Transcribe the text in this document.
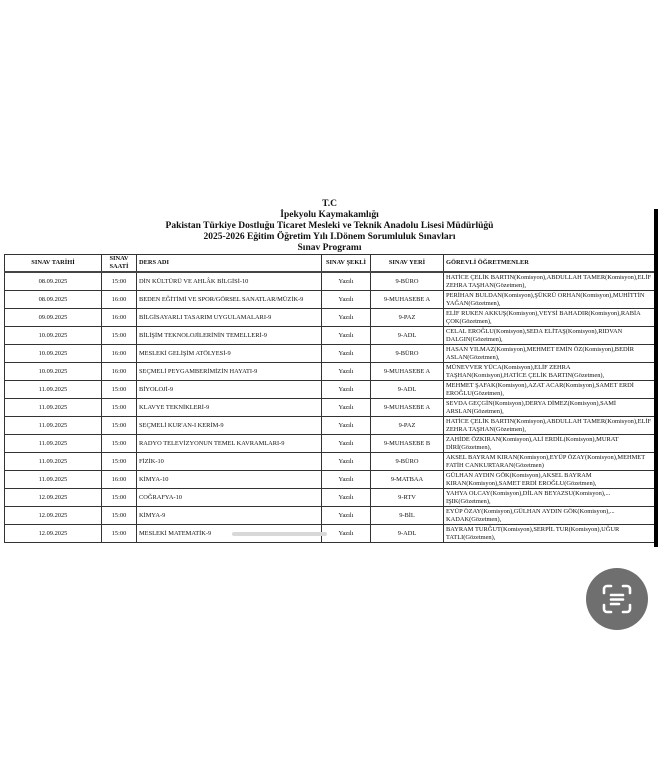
T.C
İpekyolu Kaymakamlığı
Pakistan Türkiye Dostluğu Ticaret Mesleki ve Teknik Anadolu Lisesi Müdürlüğü
2025-2026 Eğitim Öğretim Yılı I.Dönem Sorumluluk Sınavları
Sınav Programı
SINAV TARİHİ	SINAV SAATİ	DERS ADI	SINAV ŞEKLİ	SINAV YERİ	GÖREVLİ ÖĞRETMENLER
08.09.2025	15:00	DİN KÜLTÜRÜ VE AHLÂK BİLGİSİ-10	Yazılı	9-BÜRO	HATİCE ÇELİK BARTIN(Komisyon),ABDULLAH TAMER(Komisyon),ELİF ZEHRA TAŞHAN(Gözetmen),
08.09.2025	16:00	BEDEN EĞİTİMİ VE SPOR/GÖRSEL SANATLAR/MÜZİK-9	Yazılı	9-MUHASEBE A	PERİHAN BULDAN(Komisyon),ŞÜKRÜ ORHAN(Komisyon),MUHİTTİN YAĞAN(Gözetmen),
09.09.2025	16:00	BİLGİSAYARLI TASARIM UYGULAMALARI-9	Yazılı	9-PAZ	ELİF RUKEN AKKUŞ(Komisyon),VEYSİ BAHADIR(Komisyon),RABİA ÇOK(Gözetmen),
10.09.2025	15:00	BİLİŞİM TEKNOLOJİLERİNİN TEMELLERİ-9	Yazılı	9-ADL	CELAL EROĞLU(Komisyon),SEDA ELİTAŞ(Komisyon),RIDVAN DALGIN(Gözetmen),
10.09.2025	16:00	MESLEKİ GELİŞİM ATÖLYESİ-9	Yazılı	9-BÜRO	HASAN YILMAZ(Komisyon),MEHMET EMİN ÖZ(Komisyon),BEDİR ASLAN(Gözetmen),
10.09.2025	16:00	SEÇMELİ PEYGAMBERİMİZİN HAYATI-9	Yazılı	9-MUHASEBE A	MÜNEVVER YÜCA(Komisyon),ELİF ZEHRA TAŞHAN(Komisyon),HATİCE ÇELİK BARTIN(Gözetmen),
11.09.2025	15:00	BİYOLOJİ-9	Yazılı	9-ADL	MEHMET ŞAFAK(Komisyon),AZAT ACAR(Komisyon),SAMET ERDİ EROĞLU(Gözetmen),
11.09.2025	15:00	KLAVYE TEKNİKLERİ-9	Yazılı	9-MUHASEBE A	SEVDA GEÇGİN(Komisyon),DERYA DİMEZ(Komisyon),SAMİ ARSLAN(Gözetmen),
11.09.2025	15:00	SEÇMELİ KUR'AN-I KERİM-9	Yazılı	9-PAZ	HATİCE ÇELİK BARTIN(Komisyon),ABDULLAH TAMER(Komisyon),ELİF ZEHRA TAŞHAN(Gözetmen),
11.09.2025	15:00	RADYO TELEVİZYONUN TEMEL KAVRAMLARI-9	Yazılı	9-MUHASEBE B	ZAHİDE ÖZKIRAN(Komisyon),ALİ ERDİL(Komisyon),MURAT DİRİ(Gözetmen),
11.09.2025	15:00	FİZİK-10	Yazılı	9-BÜRO	AKSEL BAYRAM KIRAN(Komisyon),EYÜP ÖZAY(Komisyon),MEHMET FATİH CANKURTARAN(Gözetmen)
11.09.2025	16:00	KİMYA-10	Yazılı	9-MATBAA	GÜLHAN AYDIN GÖK(Komisyon),AKSEL BAYRAM KIRAN(Komisyon),SAMET ERDİ EROĞLU(Gözetmen),
12.09.2025	15:00	COĞRAFYA-10	Yazılı	9-RTV	YAHYA OLCAY(Komisyon),DİLAN BEYAZSU(Komisyon),... IŞIK(Gözetmen),
12.09.2025	15:00	KİMYA-9	Yazılı	9-BİL	EYÜP ÖZAY(Komisyon),GÜLHAN AYDIN GÖK(Komisyon),... KADAK(Gözetmen),
12.09.2025	15:00	MESLEKİ MATEMATİK-9	Yazılı	9-ADL	BAYRAM TURĞUT(Komisyon),SERPİL TUR(Komisyon),UĞUR TATLI(Gözetmen),
